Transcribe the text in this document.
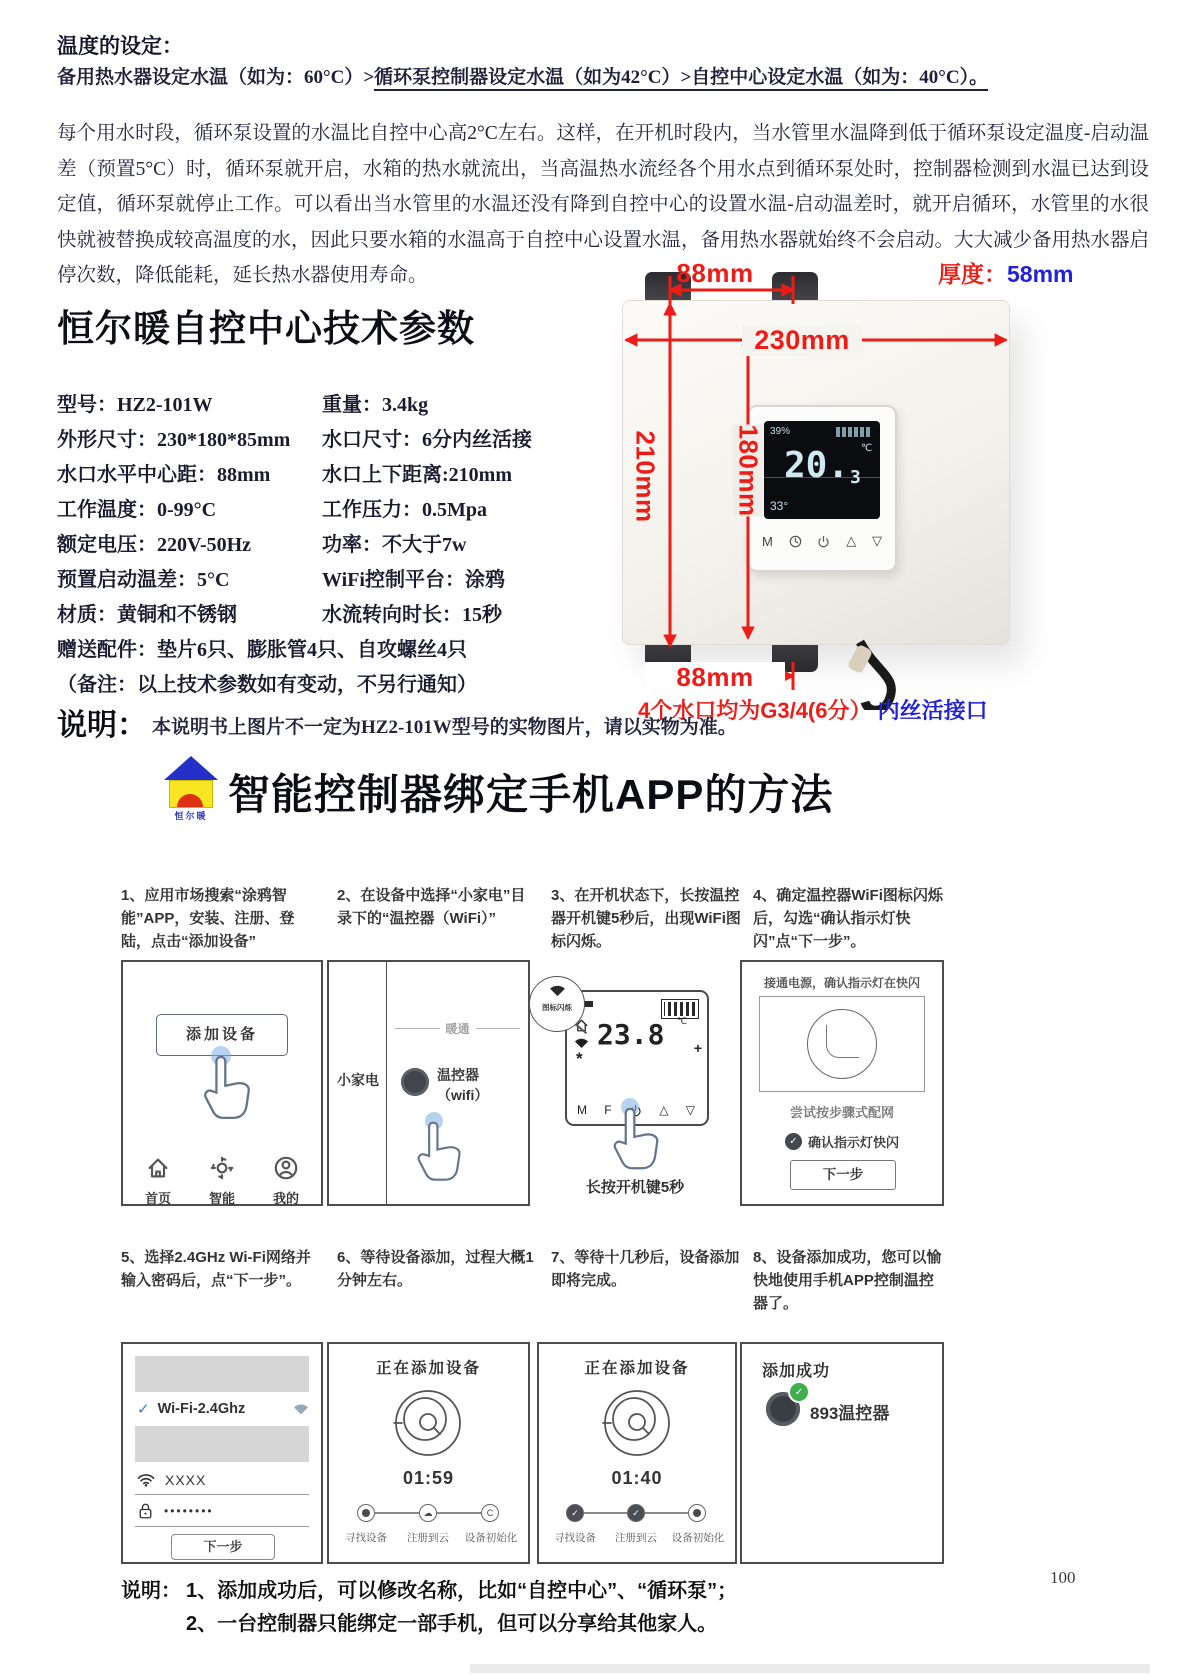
温度的设定：
备用热水器设定水温（如为：60°C）>循环泵控制器设定水温（如为42°C）>自控中心设定水温（如为：40°C）。
每个用水时段，循环泵设置的水温比自控中心高2°C左右。这样，在开机时段内，当水管里水温降到低于循环泵设定温度-启动温差（预置5°C）时，循环泵就开启，水箱的热水就流出，当高温热水流经各个用水点到循环泵处时，控制器检测到水温已达到设定值，循环泵就停止工作。可以看出当水管里的水温还没有降到自控中心的设置水温-启动温差时，就开启循环，水管里的水很快就被替换成较高温度的水，因此只要水箱的水温高于自控中心设置水温，备用热水器就始终不会启动。大大减少备用热水器启停次数，降低能耗，延长热水器使用寿命。
恒尔暖自控中心技术参数
型号：HZ2-101W	重量：3.4kg
外形尺寸：230*180*85mm 水口尺寸：6分内丝活接
水口水平中心距：88mm	水口上下距离:210mm
工作温度：0-99°C	工作压力：0.5Mpa
额定电压：220V-50Hz	功率：不大于7w
预置启动温差：5°C	WiFi控制平台：涂鸦
材质：黄铜和不锈钢	水流转向时长：15秒
赠送配件：垫片6只、膨胀管4只、自攻螺丝4只
（备注：以上技术参数如有变动，不另行通知）
39%
20. 3
℃
33°
M	△ ▽
88mm
230mm
210mm	180mm
88mm
厚度：58mm
4个水口均为G3/4(6分） 内丝活接口
说明： 本说明书上图片不一定为HZ2-101W型号的实物图片，请以实物为准。
恒尔暖 智能控制器绑定手机APP的方法
1、应用市场搜索“涂鸦智能”APP，安装、注册、登陆，点击“添加设备”
2、在设备中选择“小家电”目录下的“温控器（WiFi）”
3、在开机状态下，长按温控器开机键5秒后，出现WiFi图标闪烁。
4、确定温控器WiFi图标闪烁后，勾选“确认指示灯快闪”点“下一步”。
添加设备
首页	智能	我的
小家电
暖通
温控器
（wifi）
*
23.8 ℃
+
M F	△ ▽
图标闪烁
长按开机键5秒
接通电源，确认指示灯在快闪
尝试按步骤式配网
✓ 确认指示灯快闪
下一步
5、选择2.4GHz Wi-Fi网络并输入密码后，点“下一步”。
6、等待设备添加，过程大概1分钟左右。
7、等待十几秒后，设备添加即将完成。
8、设备添加成功，您可以愉快地使用手机APP控制温控器了。
✓ Wi-Fi-2.4Ghz
XXXX
••••••••
下一步
正在添加设备
01:59
☁	C
寻找设备	注册到云	设备初始化
正在添加设备
01:40
✓	✓
寻找设备	注册到云	设备初始化
添加成功
✓
893温控器
说明： 1、添加成功后，可以修改名称，比如“自控中心”、“循环泵”；
2、一台控制器只能绑定一部手机，但可以分享给其他家人。
100
